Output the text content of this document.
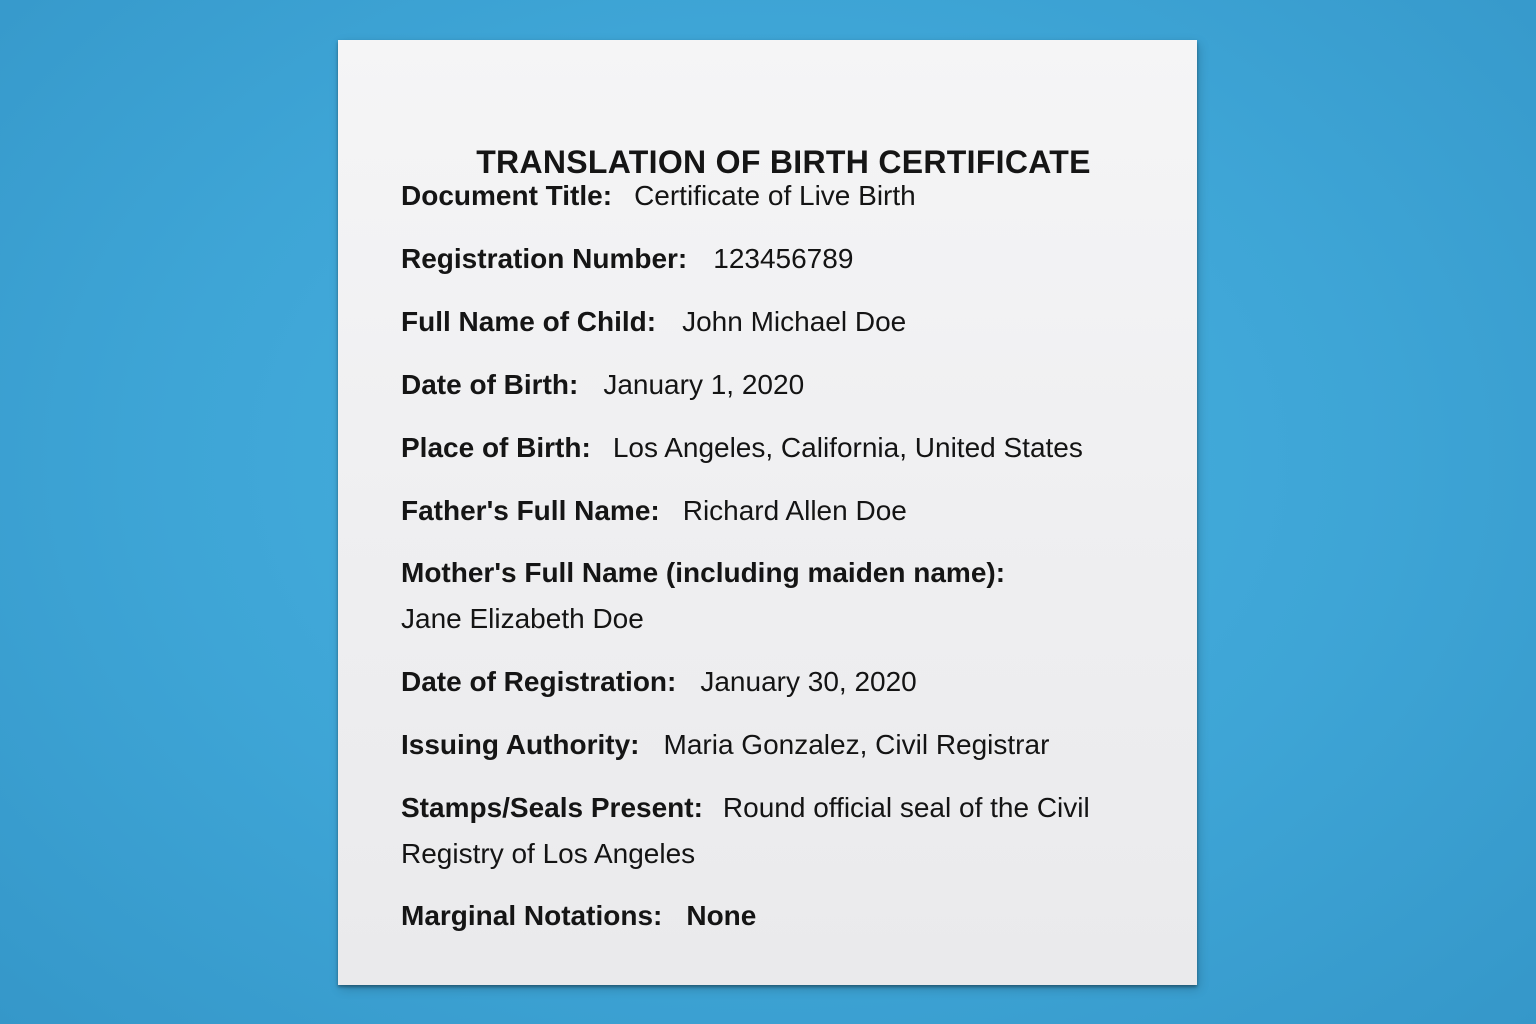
TRANSLATION OF BIRTH CERTIFICATE
Document Title: Certificate of Live Birth
Registration Number: 123456789
Full Name of Child: John Michael Doe
Date of Birth: January 1, 2020
Place of Birth: Los Angeles, California, United States
Father's Full Name: Richard Allen Doe
Mother's Full Name (including maiden name):
Jane Elizabeth Doe
Date of Registration: January 30, 2020
Issuing Authority: Maria Gonzalez, Civil Registrar
Stamps/Seals Present: Round official seal of the Civil Registry of Los Angeles
Marginal Notations: None
